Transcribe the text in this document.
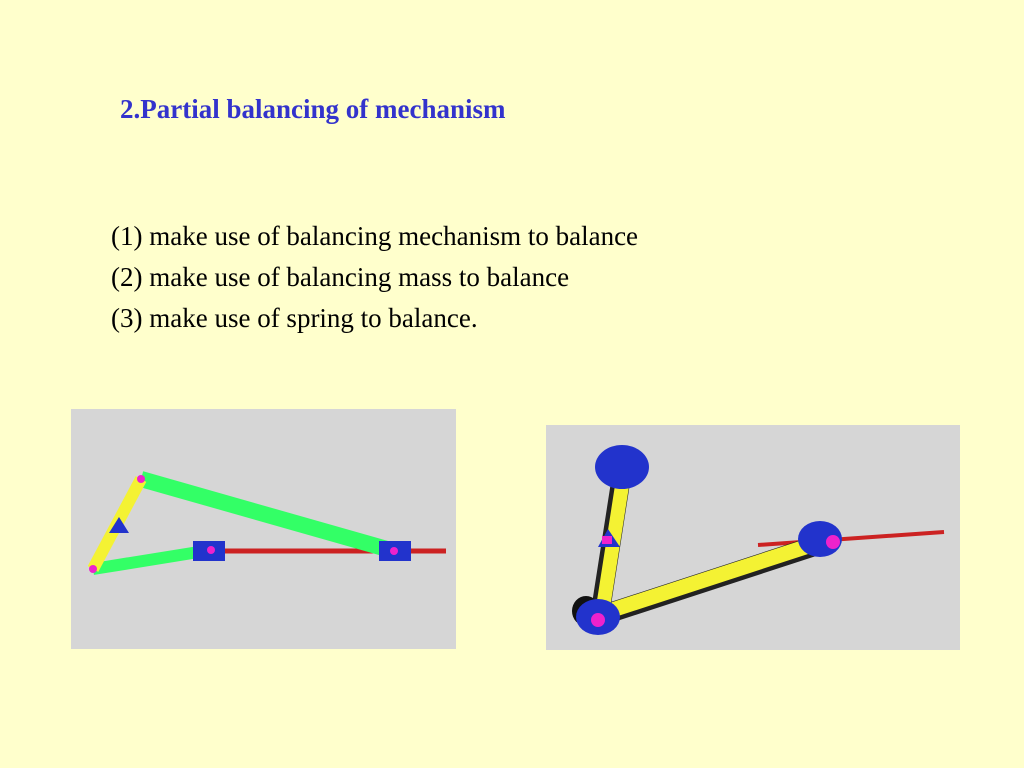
2.Partial balancing of mechanism
(1) make use of balancing mechanism to balance
(2) make use of balancing mass to balance
(3) make use of spring to balance.
